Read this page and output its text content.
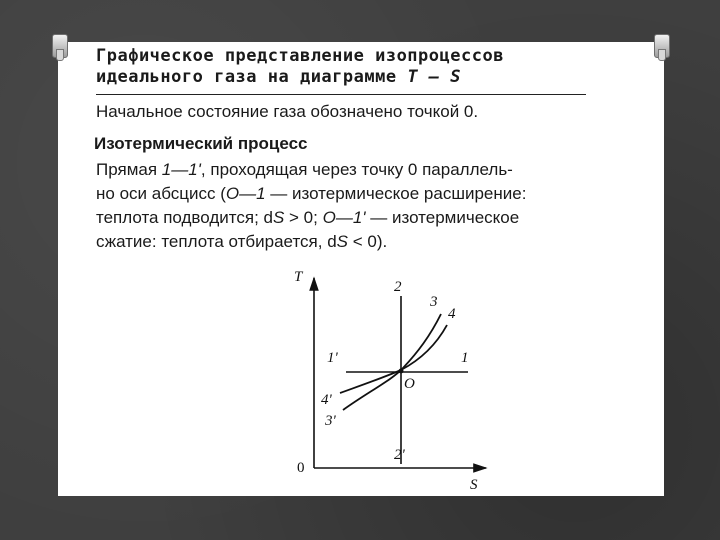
Графическое представление изопроцессов
идеального газа на диаграмме T — S
Начальное состояние газа обозначено точкой 0.
Изотермический процесс
Прямая 1—1', проходящая через точку 0 параллель-
но оси абсцисс (O—1 — изотермическое расширение:
теплота подводится; dS > 0; O—1' — изотермическое
сжатие: теплота отбирается, dS < 0).
T
S
0
O
1
1'
2
2'
3
3'
4
4'
